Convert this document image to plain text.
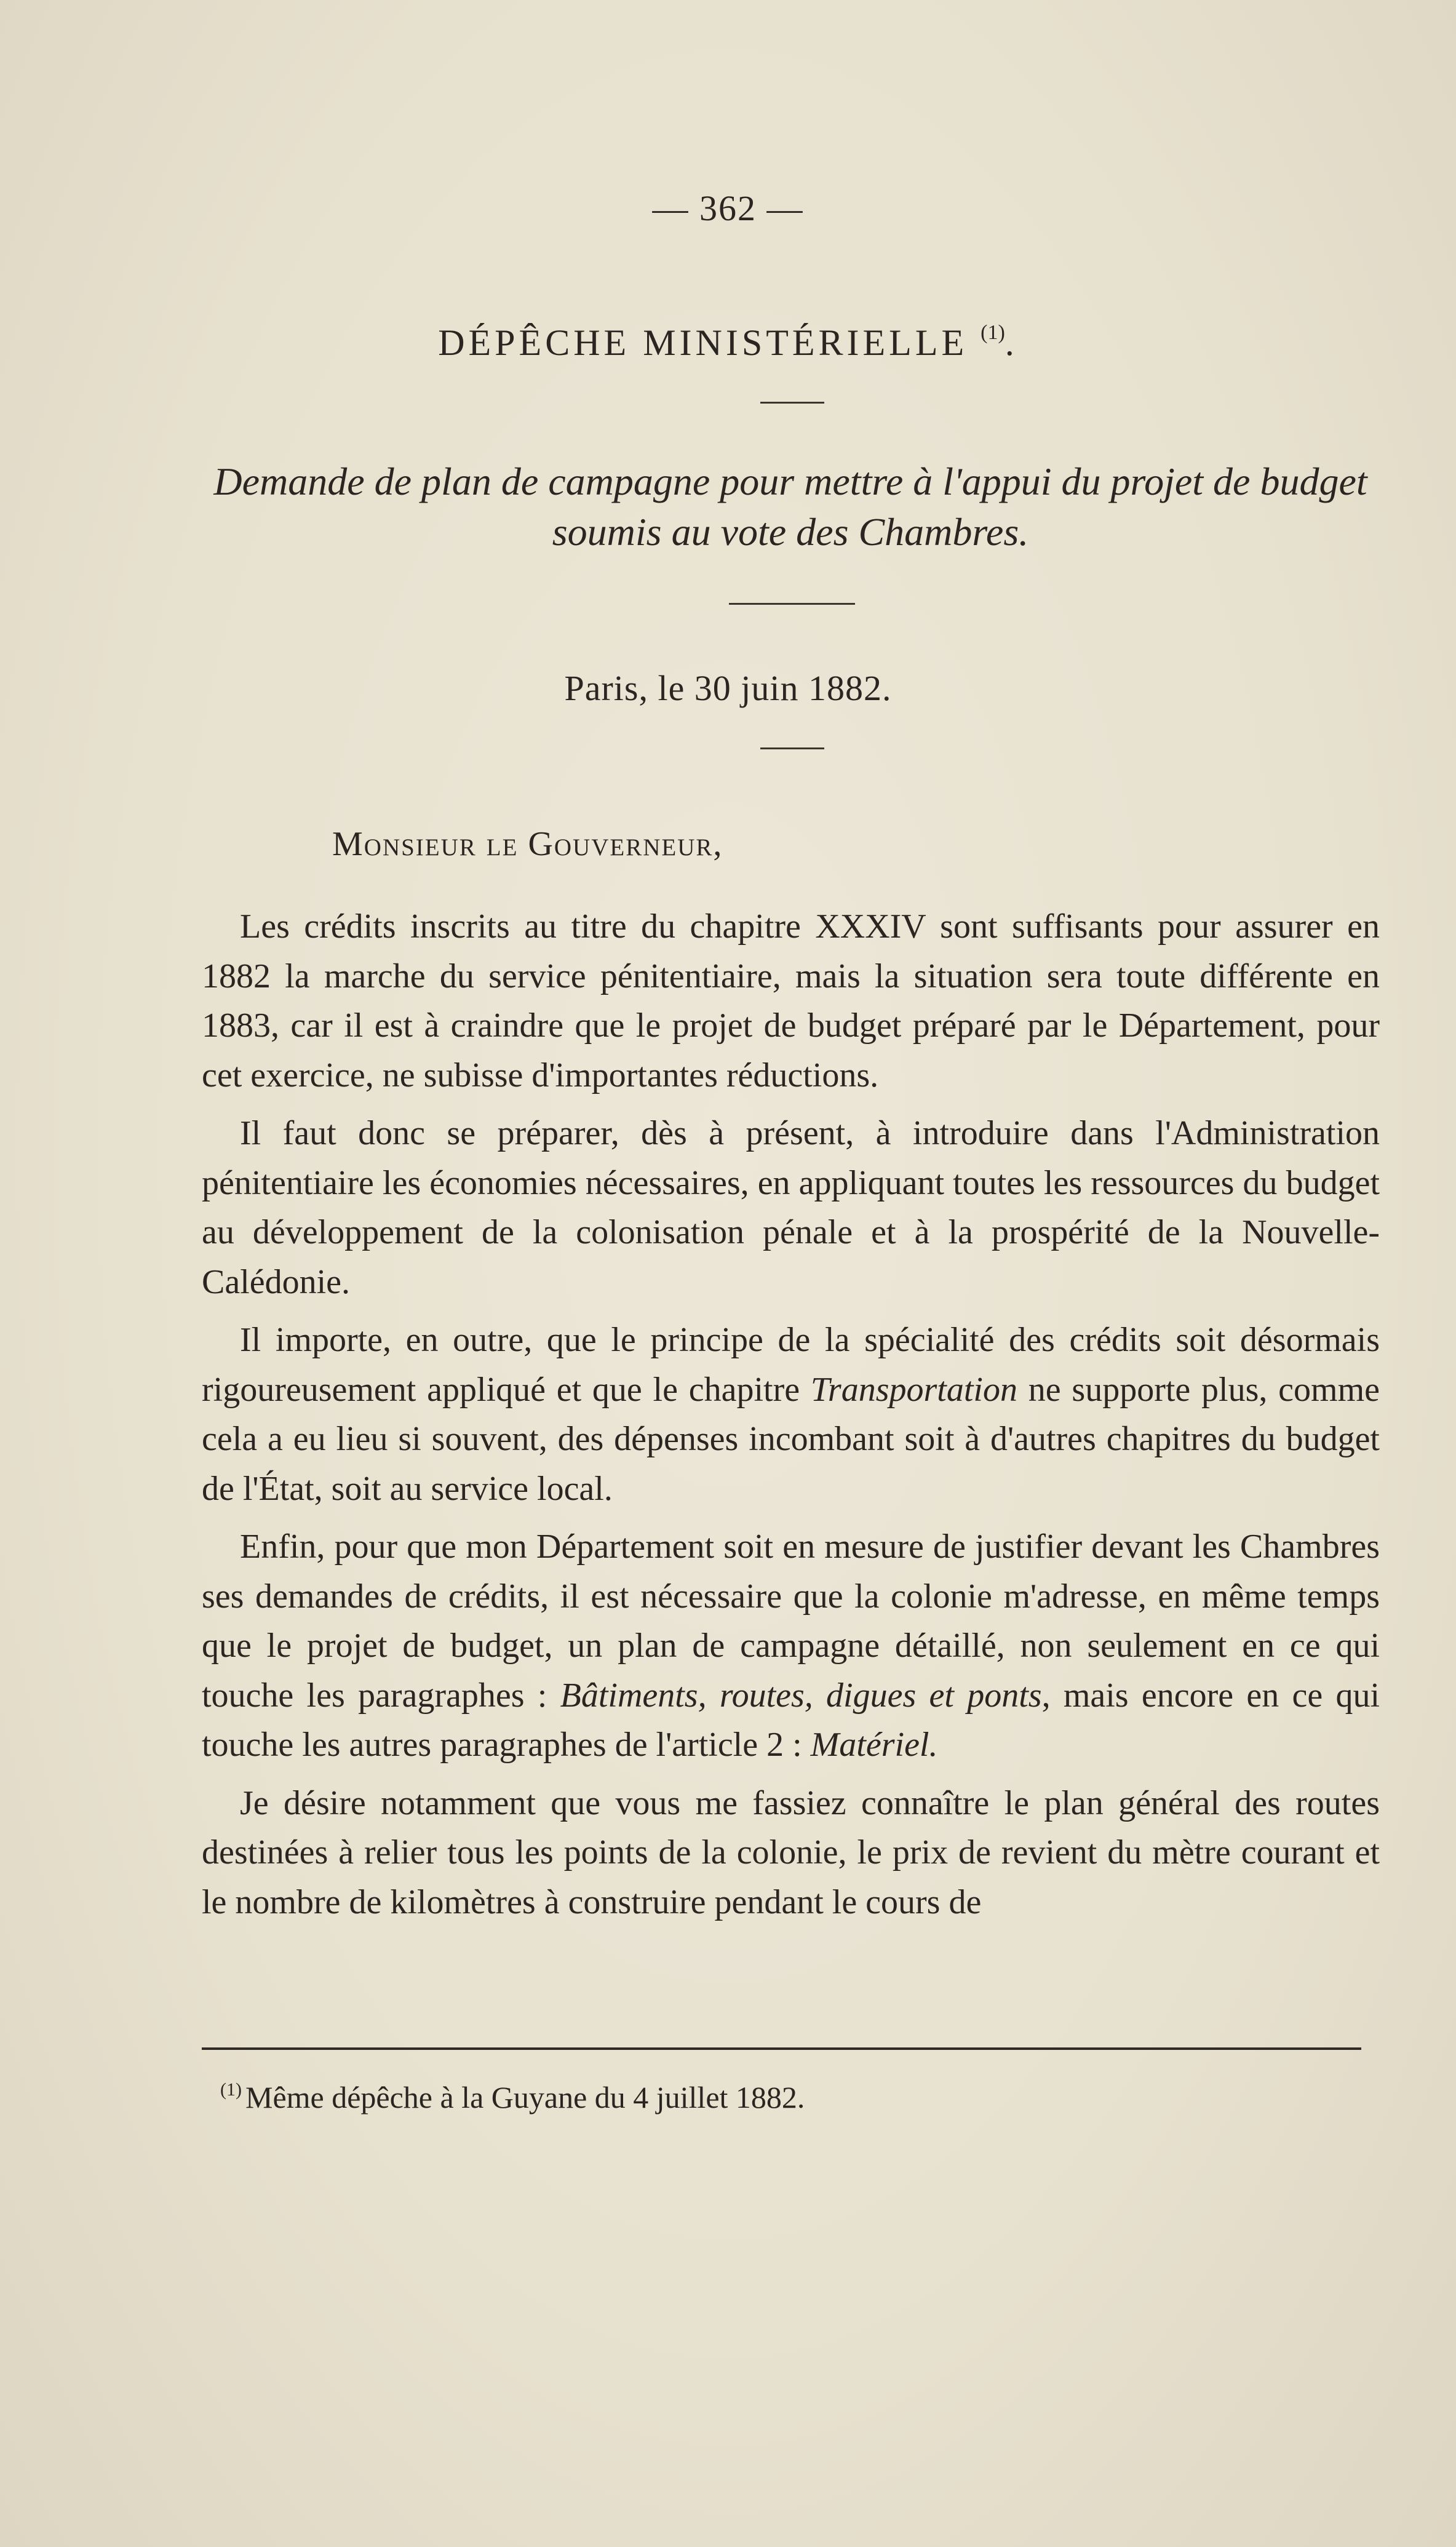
— 362 —
DÉPÊCHE MINISTÉRIELLE $^{(1)}$.
Demande de plan de campagne pour mettre à l'appui du projet de budget soumis au vote des Chambres.
Paris, le 30 juin 1882.
Monsieur le Gouverneur,

Les crédits inscrits au titre du chapitre XXXIV sont suffisants pour assurer en 1882 la marche du service pénitentiaire, mais la situation sera toute différente en 1883, car il est à craindre que le projet de budget préparé par le Département, pour cet exercice, ne subisse d'importantes réductions.

Il faut donc se préparer, dès à présent, à introduire dans l'Administration pénitentiaire les économies nécessaires, en appliquant toutes les ressources du budget au développement de la colonisation pénale et à la prospérité de la Nouvelle-Calédonie.

Il importe, en outre, que le principe de la spécialité des crédits soit désormais rigoureusement appliqué et que le chapitre Transportation ne supporte plus, comme cela a eu lieu si souvent, des dépenses incombant soit à d'autres chapitres du budget de l'État, soit au service local.

Enfin, pour que mon Département soit en mesure de justifier devant les Chambres ses demandes de crédits, il est nécessaire que la colonie m'adresse, en même temps que le projet de budget, un plan de campagne détaillé, non seulement en ce qui touche les paragraphes : Bâtiments, routes, digues et ponts, mais encore en ce qui touche les autres paragraphes de l'article 2 : Matériel.

Je désire notamment que vous me fassiez connaître le plan général des routes destinées à relier tous les points de la colonie, le prix de revient du mètre courant et le nombre de kilomètres à construire pendant le cours de

$^{(1)}$ Même dépêche à la Guyane du 4 juillet 1882.
